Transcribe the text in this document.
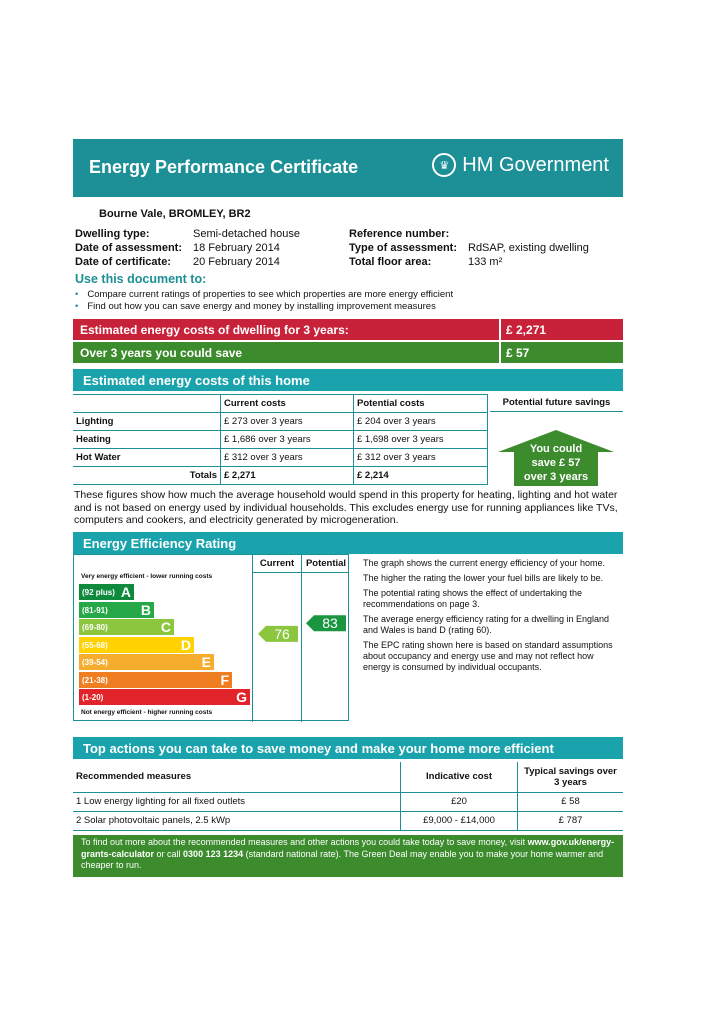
Energy Performance Certificate	♛ HM Government
Bourne Vale, BROMLEY, BR2
Dwelling type:	Semi-detached house
Date of assessment:	18 February 2014
Date of certificate:	20 February 2014
Reference number:
Type of assessment: RdSAP, existing dwelling
Total floor area:	133 m²
Use this document to:
• Compare current ratings of properties to see which properties are more energy efficient
• Find out how you can save energy and money by installing improvement measures
Estimated energy costs of dwelling for 3 years:	£ 2,271
Over 3 years you could save	£ 57
Estimated energy costs of this home
	Current costs	Potential costs
Lighting	£ 273 over 3 years	£ 204 over 3 years
Heating	£ 1,686 over 3 years	£ 1,698 over 3 years
Hot Water	£ 312 over 3 years	£ 312 over 3 years
Totals	£ 2,271	£ 2,214
Potential future savings
You could
save £ 57
over 3 years
These figures show how much the average household would spend in this property for heating, lighting and hot water and is not based on energy used by individual households. This excludes energy use for running appliances like TVs, computers and cookers, and electricity generated by microgeneration.
Energy Efficiency Rating
Very energy efficient - lower running costs
(92 plus) A
(81-91) B
(69-80)	C
(55-68)	D
(39-54)	E
(21-38)	F
(1-20)	G
Not energy efficient - higher running costs
Current	Potential
76
83

The graph shows the current energy efficiency of your home.

The higher the rating the lower your fuel bills are likely to be.

The potential rating shows the effect of undertaking the recommendations on page 3.

The average energy efficiency rating for a dwelling in England and Wales is band D (rating 60).

The EPC rating shown here is based on standard assumptions about occupancy and energy use and may not reflect how energy is consumed by individual occupants.

Top actions you can take to save money and make your home more efficient
Recommended measures	Indicative cost	Typical savings over 3 years
1 Low energy lighting for all fixed outlets	£20	£ 58
2 Solar photovoltaic panels, 2.5 kWp	£9,000 - £14,000	£ 787
To find out more about the recommended measures and other actions you could take today to save money, visit www.gov.uk/energy-grants-calculator or call 0300 123 1234 (standard national rate). The Green Deal may enable you to make your home warmer and cheaper to run.
